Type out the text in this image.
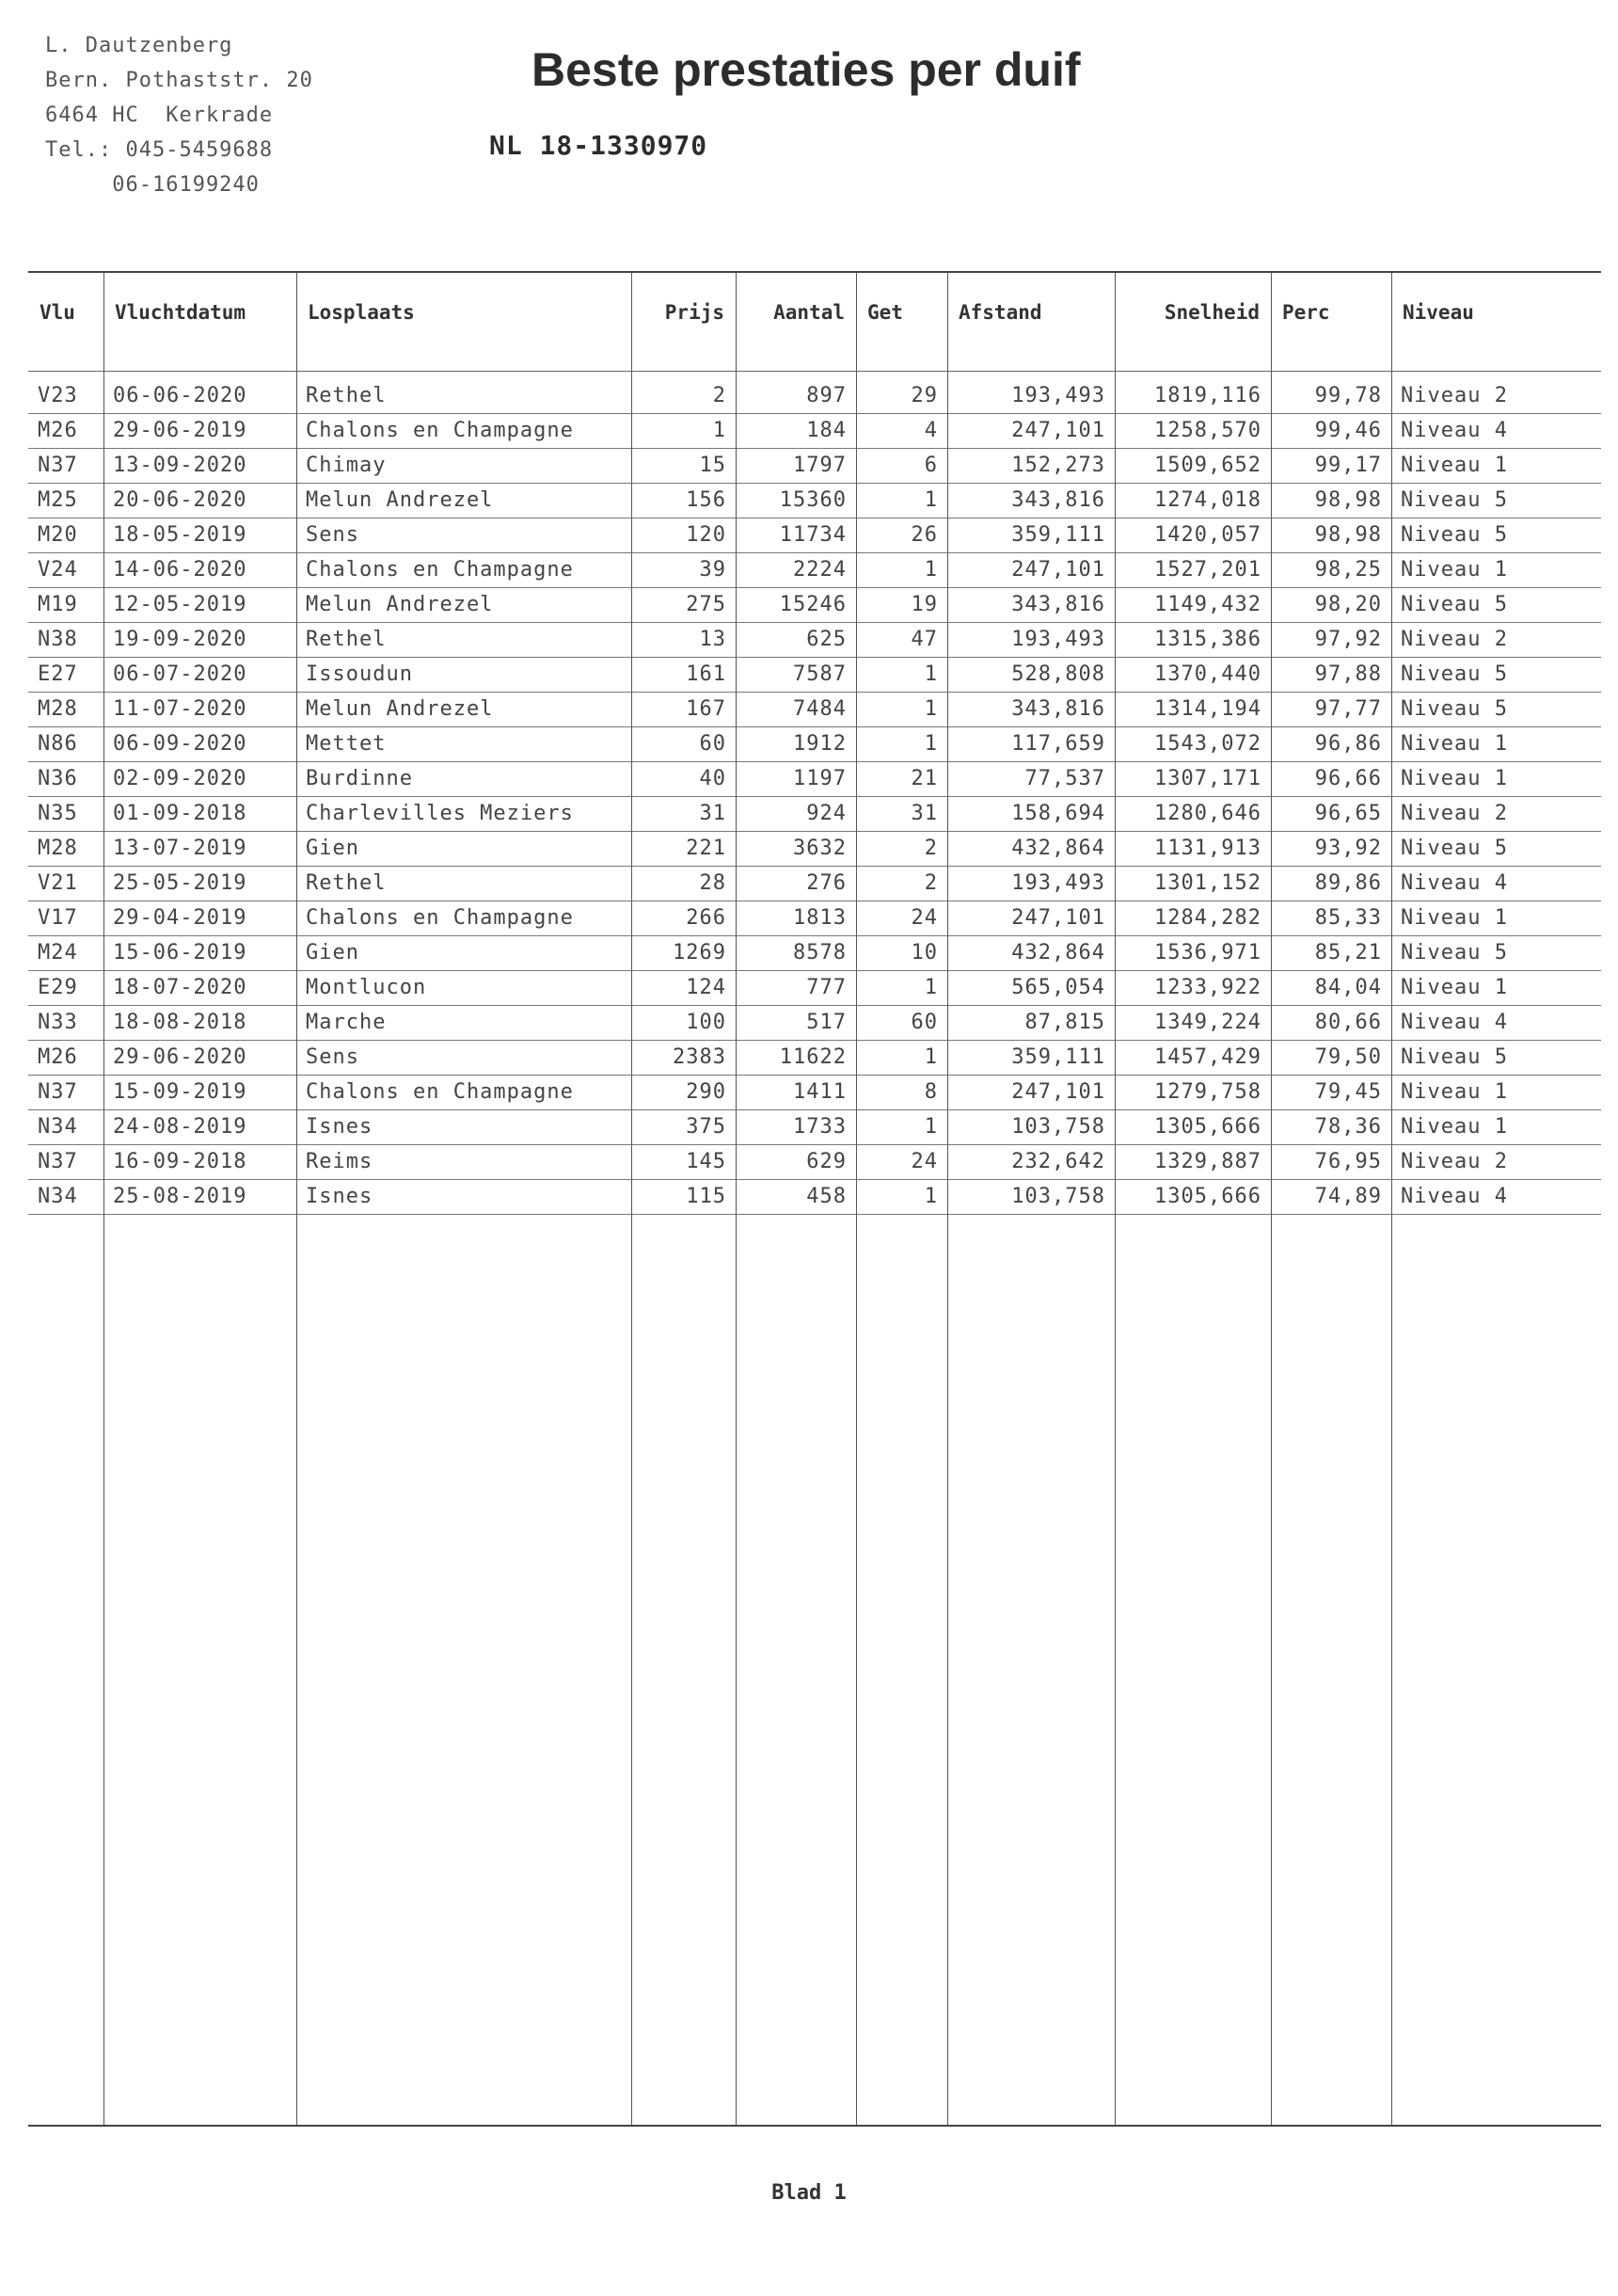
L. Dautzenberg
Bern. Pothaststr. 20
6464 HC  Kerkrade
Tel.: 045-5459688
06-16199240
Beste prestaties per duif
NL 18-1330970
Vlu	Vluchtdatum	Losplaats	Prijs	Aantal	Get	Afstand	Snelheid	Perc	Niveau

V23	06-06-2020	Rethel	2	897	29	193,493	1819,116	99,78	Niveau 2
M26	29-06-2019	Chalons en Champagne	1	184	4	247,101	1258,570	99,46	Niveau 4
N37	13-09-2020	Chimay	15	1797	6	152,273	1509,652	99,17	Niveau 1
M25	20-06-2020	Melun Andrezel	156	15360	1	343,816	1274,018	98,98	Niveau 5
M20	18-05-2019	Sens	120	11734	26	359,111	1420,057	98,98	Niveau 5
V24	14-06-2020	Chalons en Champagne	39	2224	1	247,101	1527,201	98,25	Niveau 1
M19	12-05-2019	Melun Andrezel	275	15246	19	343,816	1149,432	98,20	Niveau 5
N38	19-09-2020	Rethel	13	625	47	193,493	1315,386	97,92	Niveau 2
E27	06-07-2020	Issoudun	161	7587	1	528,808	1370,440	97,88	Niveau 5
M28	11-07-2020	Melun Andrezel	167	7484	1	343,816	1314,194	97,77	Niveau 5
N86	06-09-2020	Mettet	60	1912	1	117,659	1543,072	96,86	Niveau 1
N36	02-09-2020	Burdinne	40	1197	21	77,537	1307,171	96,66	Niveau 1
N35	01-09-2018	Charlevilles Meziers	31	924	31	158,694	1280,646	96,65	Niveau 2
M28	13-07-2019	Gien	221	3632	2	432,864	1131,913	93,92	Niveau 5
V21	25-05-2019	Rethel	28	276	2	193,493	1301,152	89,86	Niveau 4
V17	29-04-2019	Chalons en Champagne	266	1813	24	247,101	1284,282	85,33	Niveau 1
M24	15-06-2019	Gien	1269	8578	10	432,864	1536,971	85,21	Niveau 5
E29	18-07-2020	Montlucon	124	777	1	565,054	1233,922	84,04	Niveau 1
N33	18-08-2018	Marche	100	517	60	87,815	1349,224	80,66	Niveau 4
M26	29-06-2020	Sens	2383	11622	1	359,111	1457,429	79,50	Niveau 5
N37	15-09-2019	Chalons en Champagne	290	1411	8	247,101	1279,758	79,45	Niveau 1
N34	24-08-2019	Isnes	375	1733	1	103,758	1305,666	78,36	Niveau 1
N37	16-09-2018	Reims	145	629	24	232,642	1329,887	76,95	Niveau 2
N34	25-08-2019	Isnes	115	458	1	103,758	1305,666	74,89	Niveau 4
Blad 1
